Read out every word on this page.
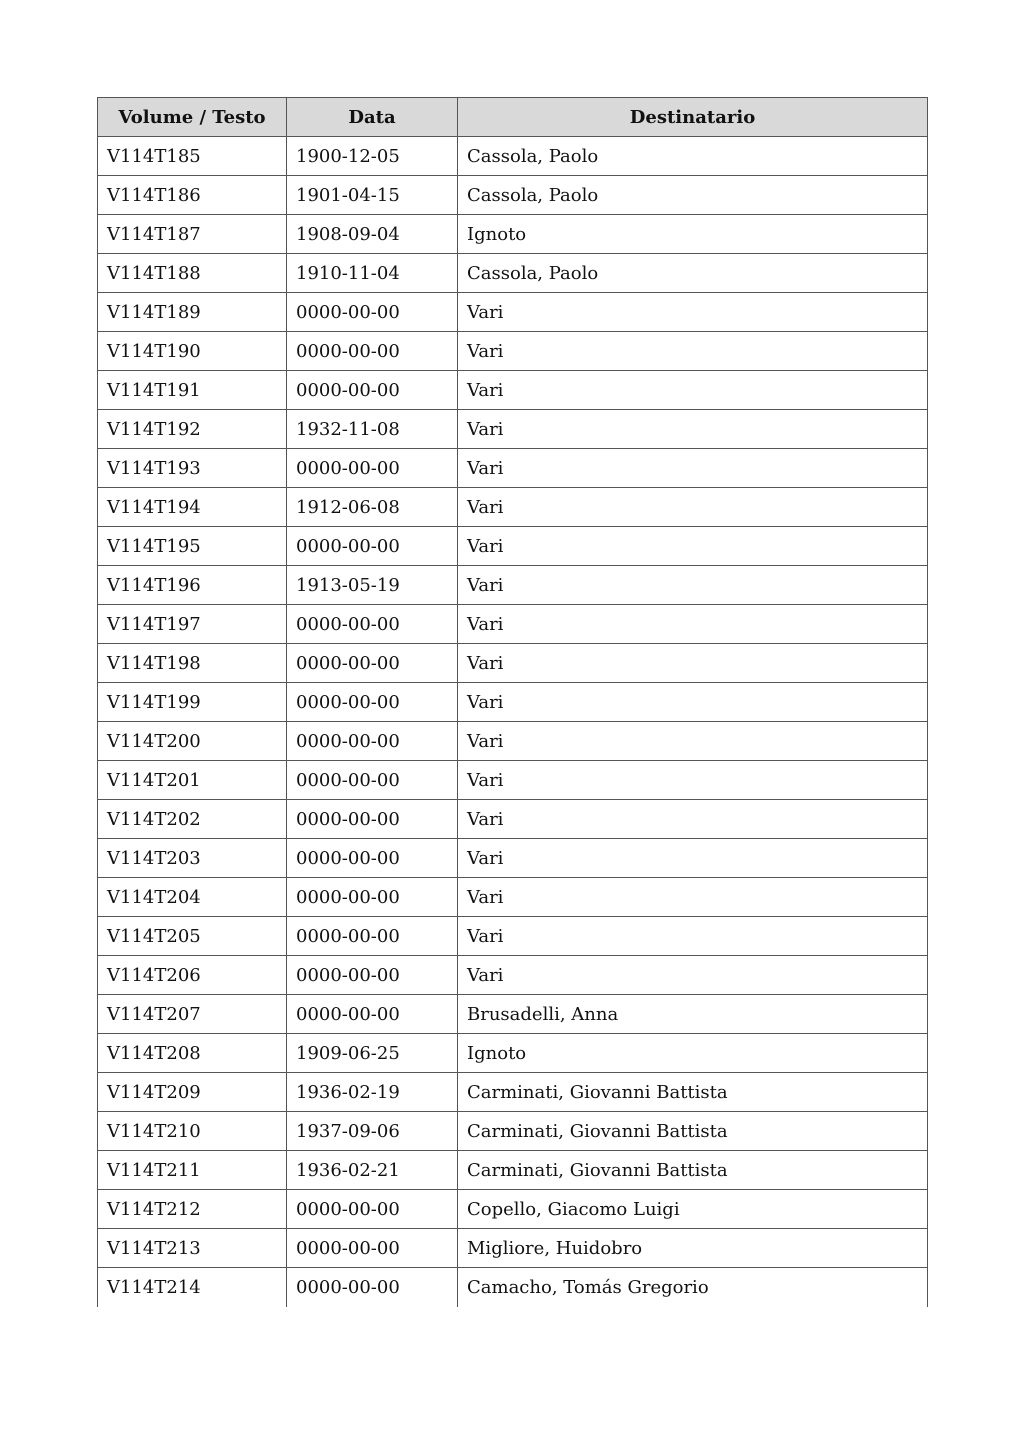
Volume / Testo	Data	Destinatario
V114T185	1900-12-05	Cassola, Paolo
V114T186	1901-04-15	Cassola, Paolo
V114T187	1908-09-04	Ignoto
V114T188	1910-11-04	Cassola, Paolo
V114T189	0000-00-00	Vari
V114T190	0000-00-00	Vari
V114T191	0000-00-00	Vari
V114T192	1932-11-08	Vari
V114T193	0000-00-00	Vari
V114T194	1912-06-08	Vari
V114T195	0000-00-00	Vari
V114T196	1913-05-19	Vari
V114T197	0000-00-00	Vari
V114T198	0000-00-00	Vari
V114T199	0000-00-00	Vari
V114T200	0000-00-00	Vari
V114T201	0000-00-00	Vari
V114T202	0000-00-00	Vari
V114T203	0000-00-00	Vari
V114T204	0000-00-00	Vari
V114T205	0000-00-00	Vari
V114T206	0000-00-00	Vari
V114T207	0000-00-00	Brusadelli, Anna
V114T208	1909-06-25	Ignoto
V114T209	1936-02-19	Carminati, Giovanni Battista
V114T210	1937-09-06	Carminati, Giovanni Battista
V114T211	1936-02-21	Carminati, Giovanni Battista
V114T212	0000-00-00	Copello, Giacomo Luigi
V114T213	0000-00-00	Migliore, Huidobro
V114T214	0000-00-00	Camacho, Tomás Gregorio
